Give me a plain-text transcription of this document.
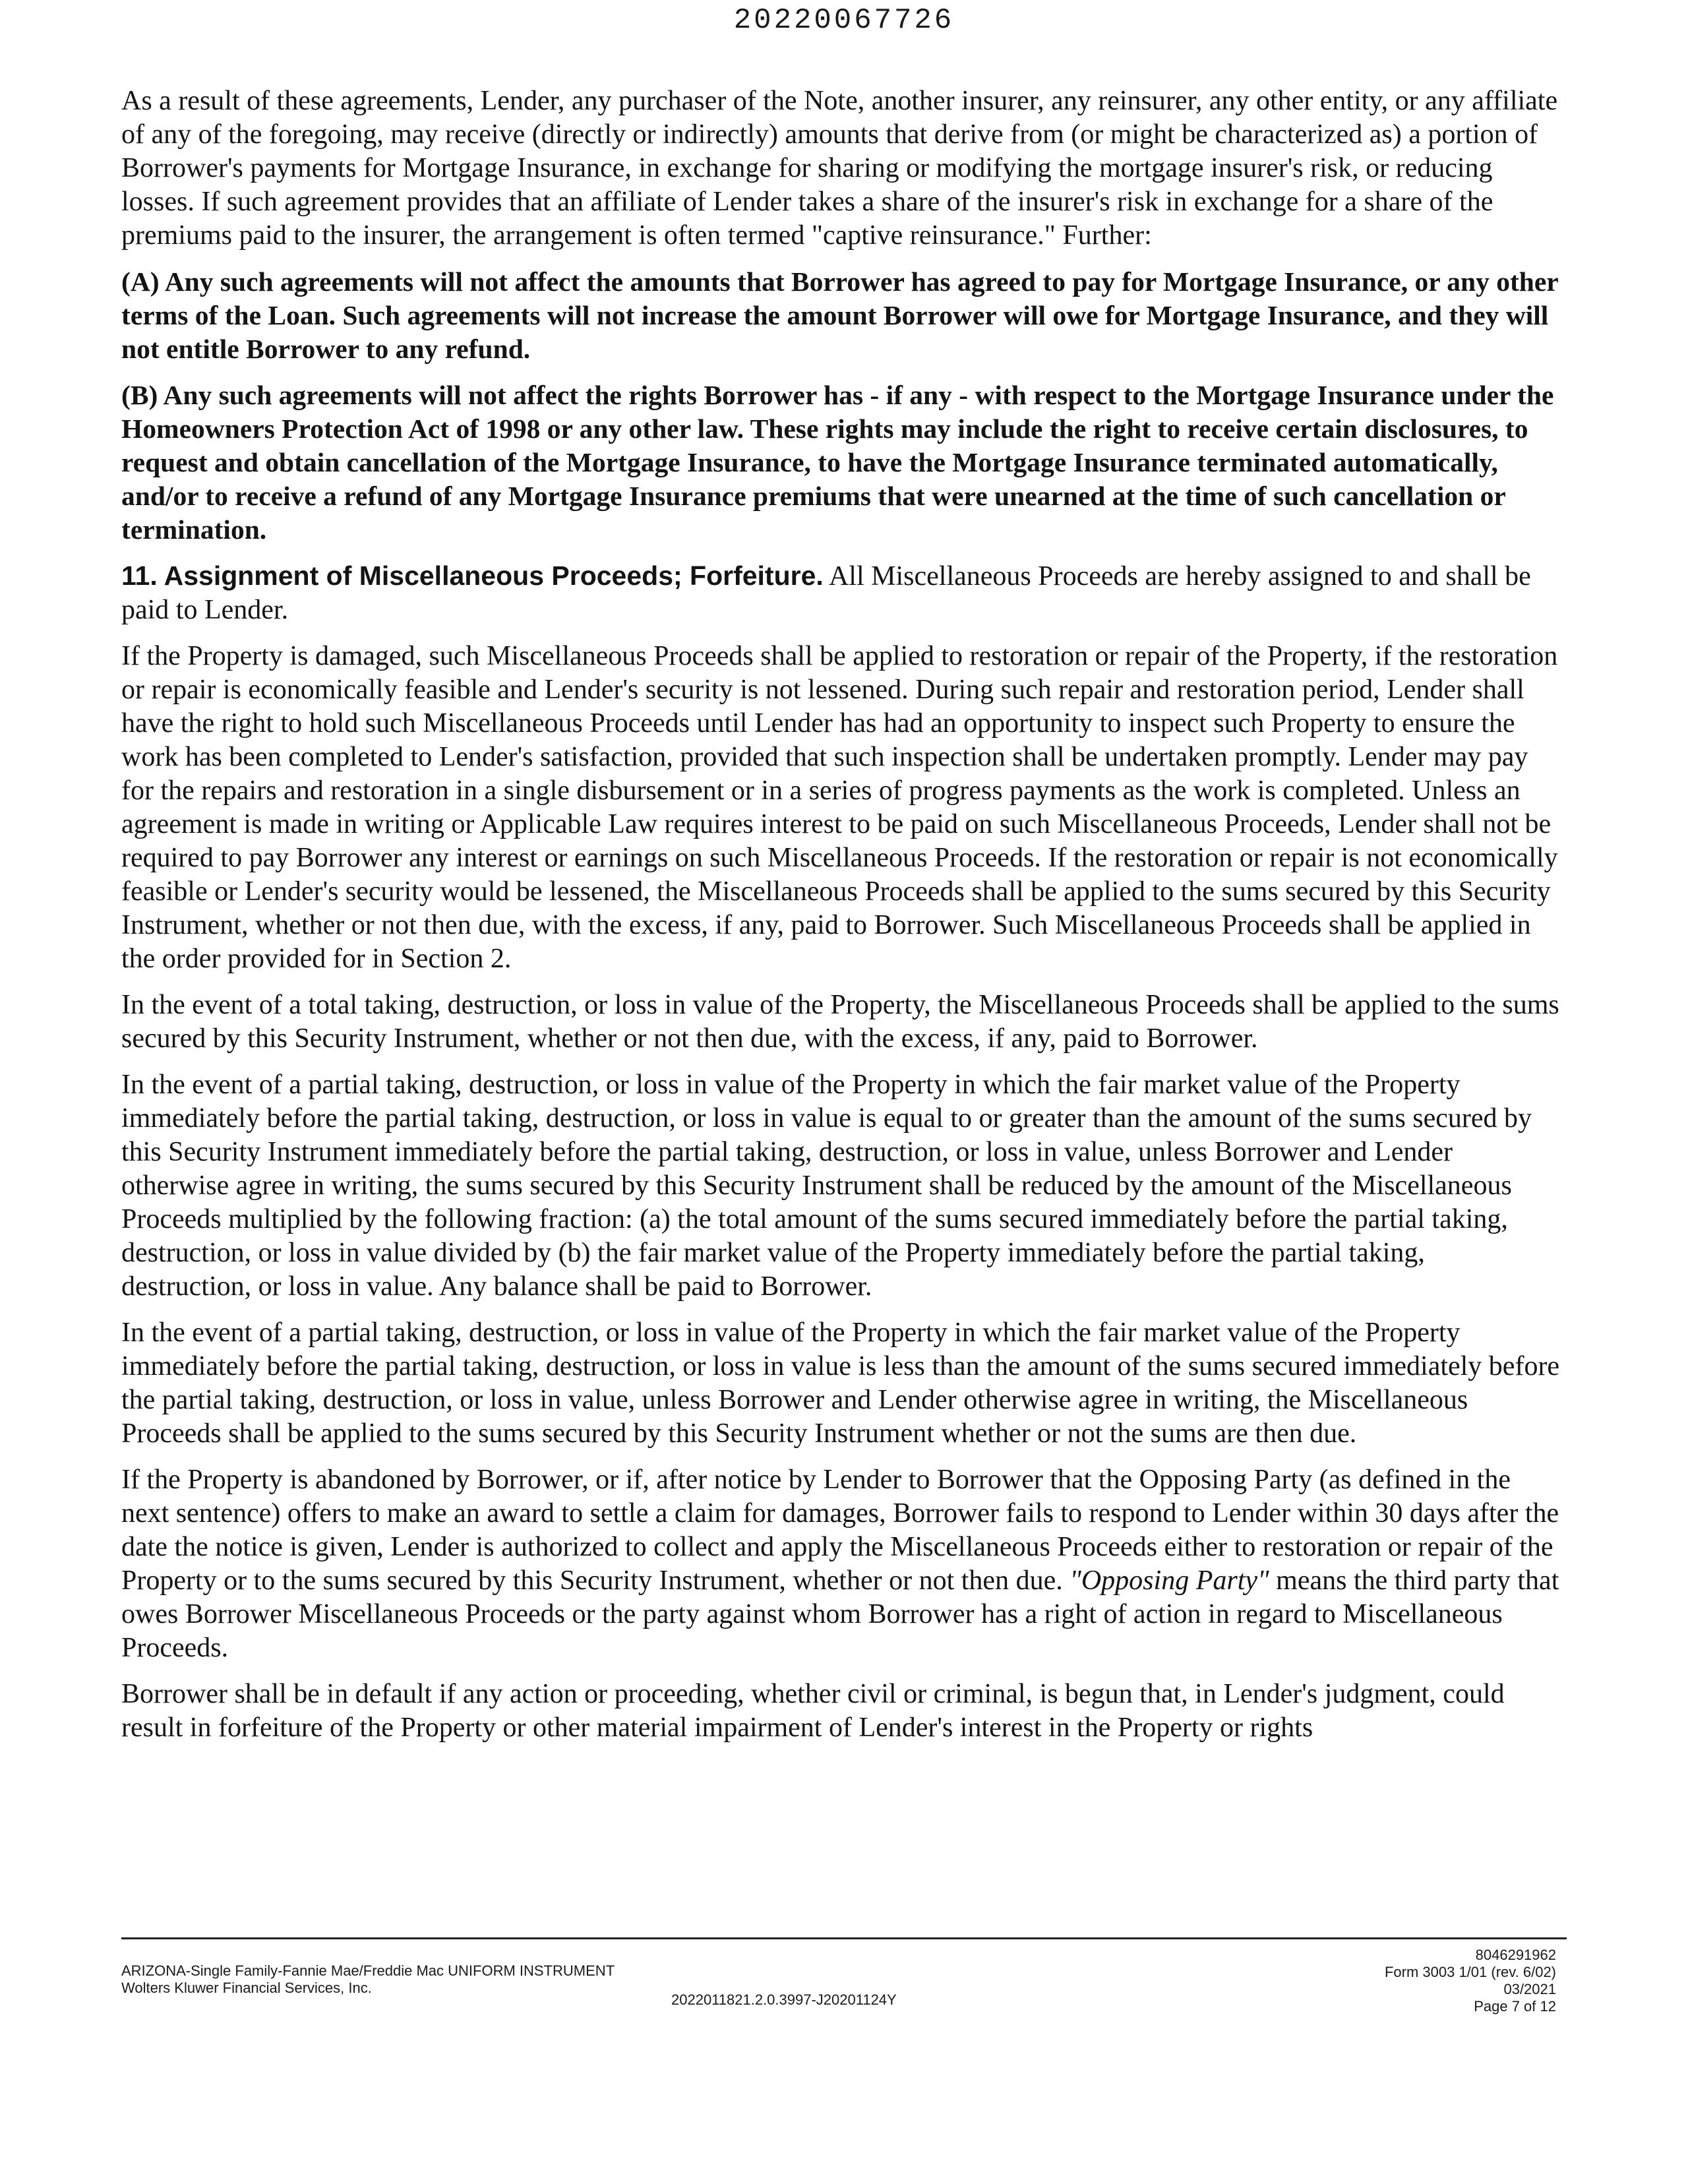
20220067726

As a result of these agreements, Lender, any purchaser of the Note, another insurer, any reinsurer, any other entity, or any affiliate of any of the foregoing, may receive (directly or indirectly) amounts that derive from (or might be characterized as) a portion of Borrower's payments for Mortgage Insurance, in exchange for sharing or modifying the mortgage insurer's risk, or reducing losses. If such agreement provides that an affiliate of Lender takes a share of the insurer's risk in exchange for a share of the premiums paid to the insurer, the arrangement is often termed "captive reinsurance." Further:

(A) Any such agreements will not affect the amounts that Borrower has agreed to pay for Mortgage Insurance, or any other terms of the Loan. Such agreements will not increase the amount Borrower will owe for Mortgage Insurance, and they will not entitle Borrower to any refund.

(B) Any such agreements will not affect the rights Borrower has - if any - with respect to the Mortgage Insurance under the Homeowners Protection Act of 1998 or any other law. These rights may include the right to receive certain disclosures, to request and obtain cancellation of the Mortgage Insurance, to have the Mortgage Insurance terminated automatically, and/or to receive a refund of any Mortgage Insurance premiums that were unearned at the time of such cancellation or termination.

11. Assignment of Miscellaneous Proceeds; Forfeiture. All Miscellaneous Proceeds are hereby assigned to and shall be paid to Lender.

If the Property is damaged, such Miscellaneous Proceeds shall be applied to restoration or repair of the Property, if the restoration or repair is economically feasible and Lender's security is not lessened. During such repair and restoration period, Lender shall have the right to hold such Miscellaneous Proceeds until Lender has had an opportunity to inspect such Property to ensure the work has been completed to Lender's satisfaction, provided that such inspection shall be undertaken promptly. Lender may pay for the repairs and restoration in a single disbursement or in a series of progress payments as the work is completed. Unless an agreement is made in writing or Applicable Law requires interest to be paid on such Miscellaneous Proceeds, Lender shall not be required to pay Borrower any interest or earnings on such Miscellaneous Proceeds. If the restoration or repair is not economically feasible or Lender's security would be lessened, the Miscellaneous Proceeds shall be applied to the sums secured by this Security Instrument, whether or not then due, with the excess, if any, paid to Borrower. Such Miscellaneous Proceeds shall be applied in the order provided for in Section 2.

In the event of a total taking, destruction, or loss in value of the Property, the Miscellaneous Proceeds shall be applied to the sums secured by this Security Instrument, whether or not then due, with the excess, if any, paid to Borrower.

In the event of a partial taking, destruction, or loss in value of the Property in which the fair market value of the Property immediately before the partial taking, destruction, or loss in value is equal to or greater than the amount of the sums secured by this Security Instrument immediately before the partial taking, destruction, or loss in value, unless Borrower and Lender otherwise agree in writing, the sums secured by this Security Instrument shall be reduced by the amount of the Miscellaneous Proceeds multiplied by the following fraction: (a) the total amount of the sums secured immediately before the partial taking, destruction, or loss in value divided by (b) the fair market value of the Property immediately before the partial taking, destruction, or loss in value. Any balance shall be paid to Borrower.

In the event of a partial taking, destruction, or loss in value of the Property in which the fair market value of the Property immediately before the partial taking, destruction, or loss in value is less than the amount of the sums secured immediately before the partial taking, destruction, or loss in value, unless Borrower and Lender otherwise agree in writing, the Miscellaneous Proceeds shall be applied to the sums secured by this Security Instrument whether or not the sums are then due.

If the Property is abandoned by Borrower, or if, after notice by Lender to Borrower that the Opposing Party (as defined in the next sentence) offers to make an award to settle a claim for damages, Borrower fails to respond to Lender within 30 days after the date the notice is given, Lender is authorized to collect and apply the Miscellaneous Proceeds either to restoration or repair of the Property or to the sums secured by this Security Instrument, whether or not then due. "Opposing Party" means the third party that owes Borrower Miscellaneous Proceeds or the party against whom Borrower has a right of action in regard to Miscellaneous Proceeds.

Borrower shall be in default if any action or proceeding, whether civil or criminal, is begun that, in Lender's judgment, could result in forfeiture of the Property or other material impairment of Lender's interest in the Property or rights

ARIZONA-Single Family-Fannie Mae/Freddie Mac UNIFORM INSTRUMENT
Wolters Kluwer Financial Services, Inc.
2022011821.2.0.3997-J20201124Y
8046291962
Form 3003 1/01 (rev. 6/02)
03/2021
Page 7 of 12
